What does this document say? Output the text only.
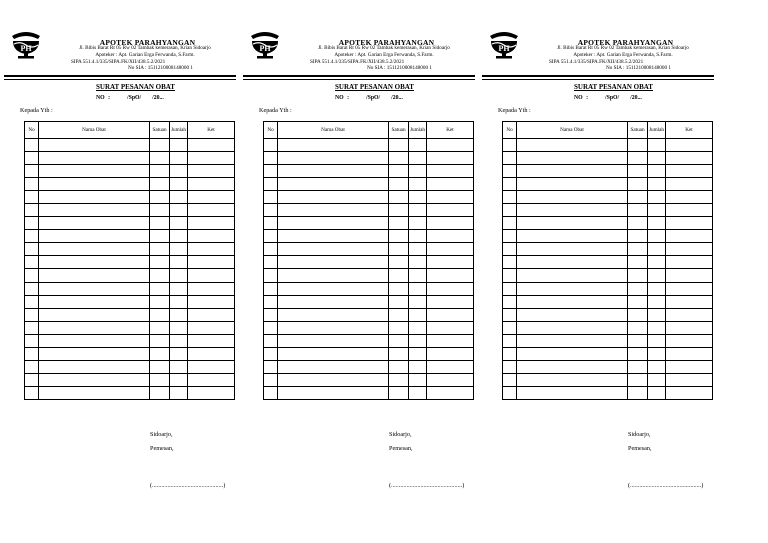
PH
APOTEK PARAHYANGAN
Jl. Bibis Barat Rt 05 Rw 02 Tambak kemerasan, Krian Sidoarjo
Apoteker : Apt. Garian Erga Ferwanda, S.Farm.
SIPA 551.4.1/335/SIPA.FK/XII/438.5.2/2021
No SIA : 1511210008148000 1
SURAT PESANAN OBAT
NO :	/SpO/ /20...
Kepada Yth :
No	Nama Obat	Satuan	Jumlah	Ket

Sidoarjo,
Pemesan,
(..............................................)
PH
APOTEK PARAHYANGAN
Jl. Bibis Barat Rt 05 Rw 02 Tambak kemerasan, Krian Sidoarjo
Apoteker : Apt. Garian Erga Ferwanda, S.Farm.
SIPA 551.4.1/335/SIPA.FK/XII/438.5.2/2021
No SIA : 1511210008148000 1
SURAT PESANAN OBAT
NO :	/SpO/ /20...
Kepada Yth :
No	Nama Obat	Satuan	Jumlah	Ket

Sidoarjo,
Pemesan,
(..............................................)
PH
APOTEK PARAHYANGAN
Jl. Bibis Barat Rt 05 Rw 02 Tambak kemerasan, Krian Sidoarjo
Apoteker : Apt. Garian Erga Ferwanda, S.Farm.
SIPA 551.4.1/335/SIPA.FK/XII/438.5.2/2021
No SIA : 1511210008148000 1
SURAT PESANAN OBAT
NO :	/SpO/ /20...
Kepada Yth :
No	Nama Obat	Satuan	Jumlah	Ket

Sidoarjo,
Pemesan,
(..............................................)
